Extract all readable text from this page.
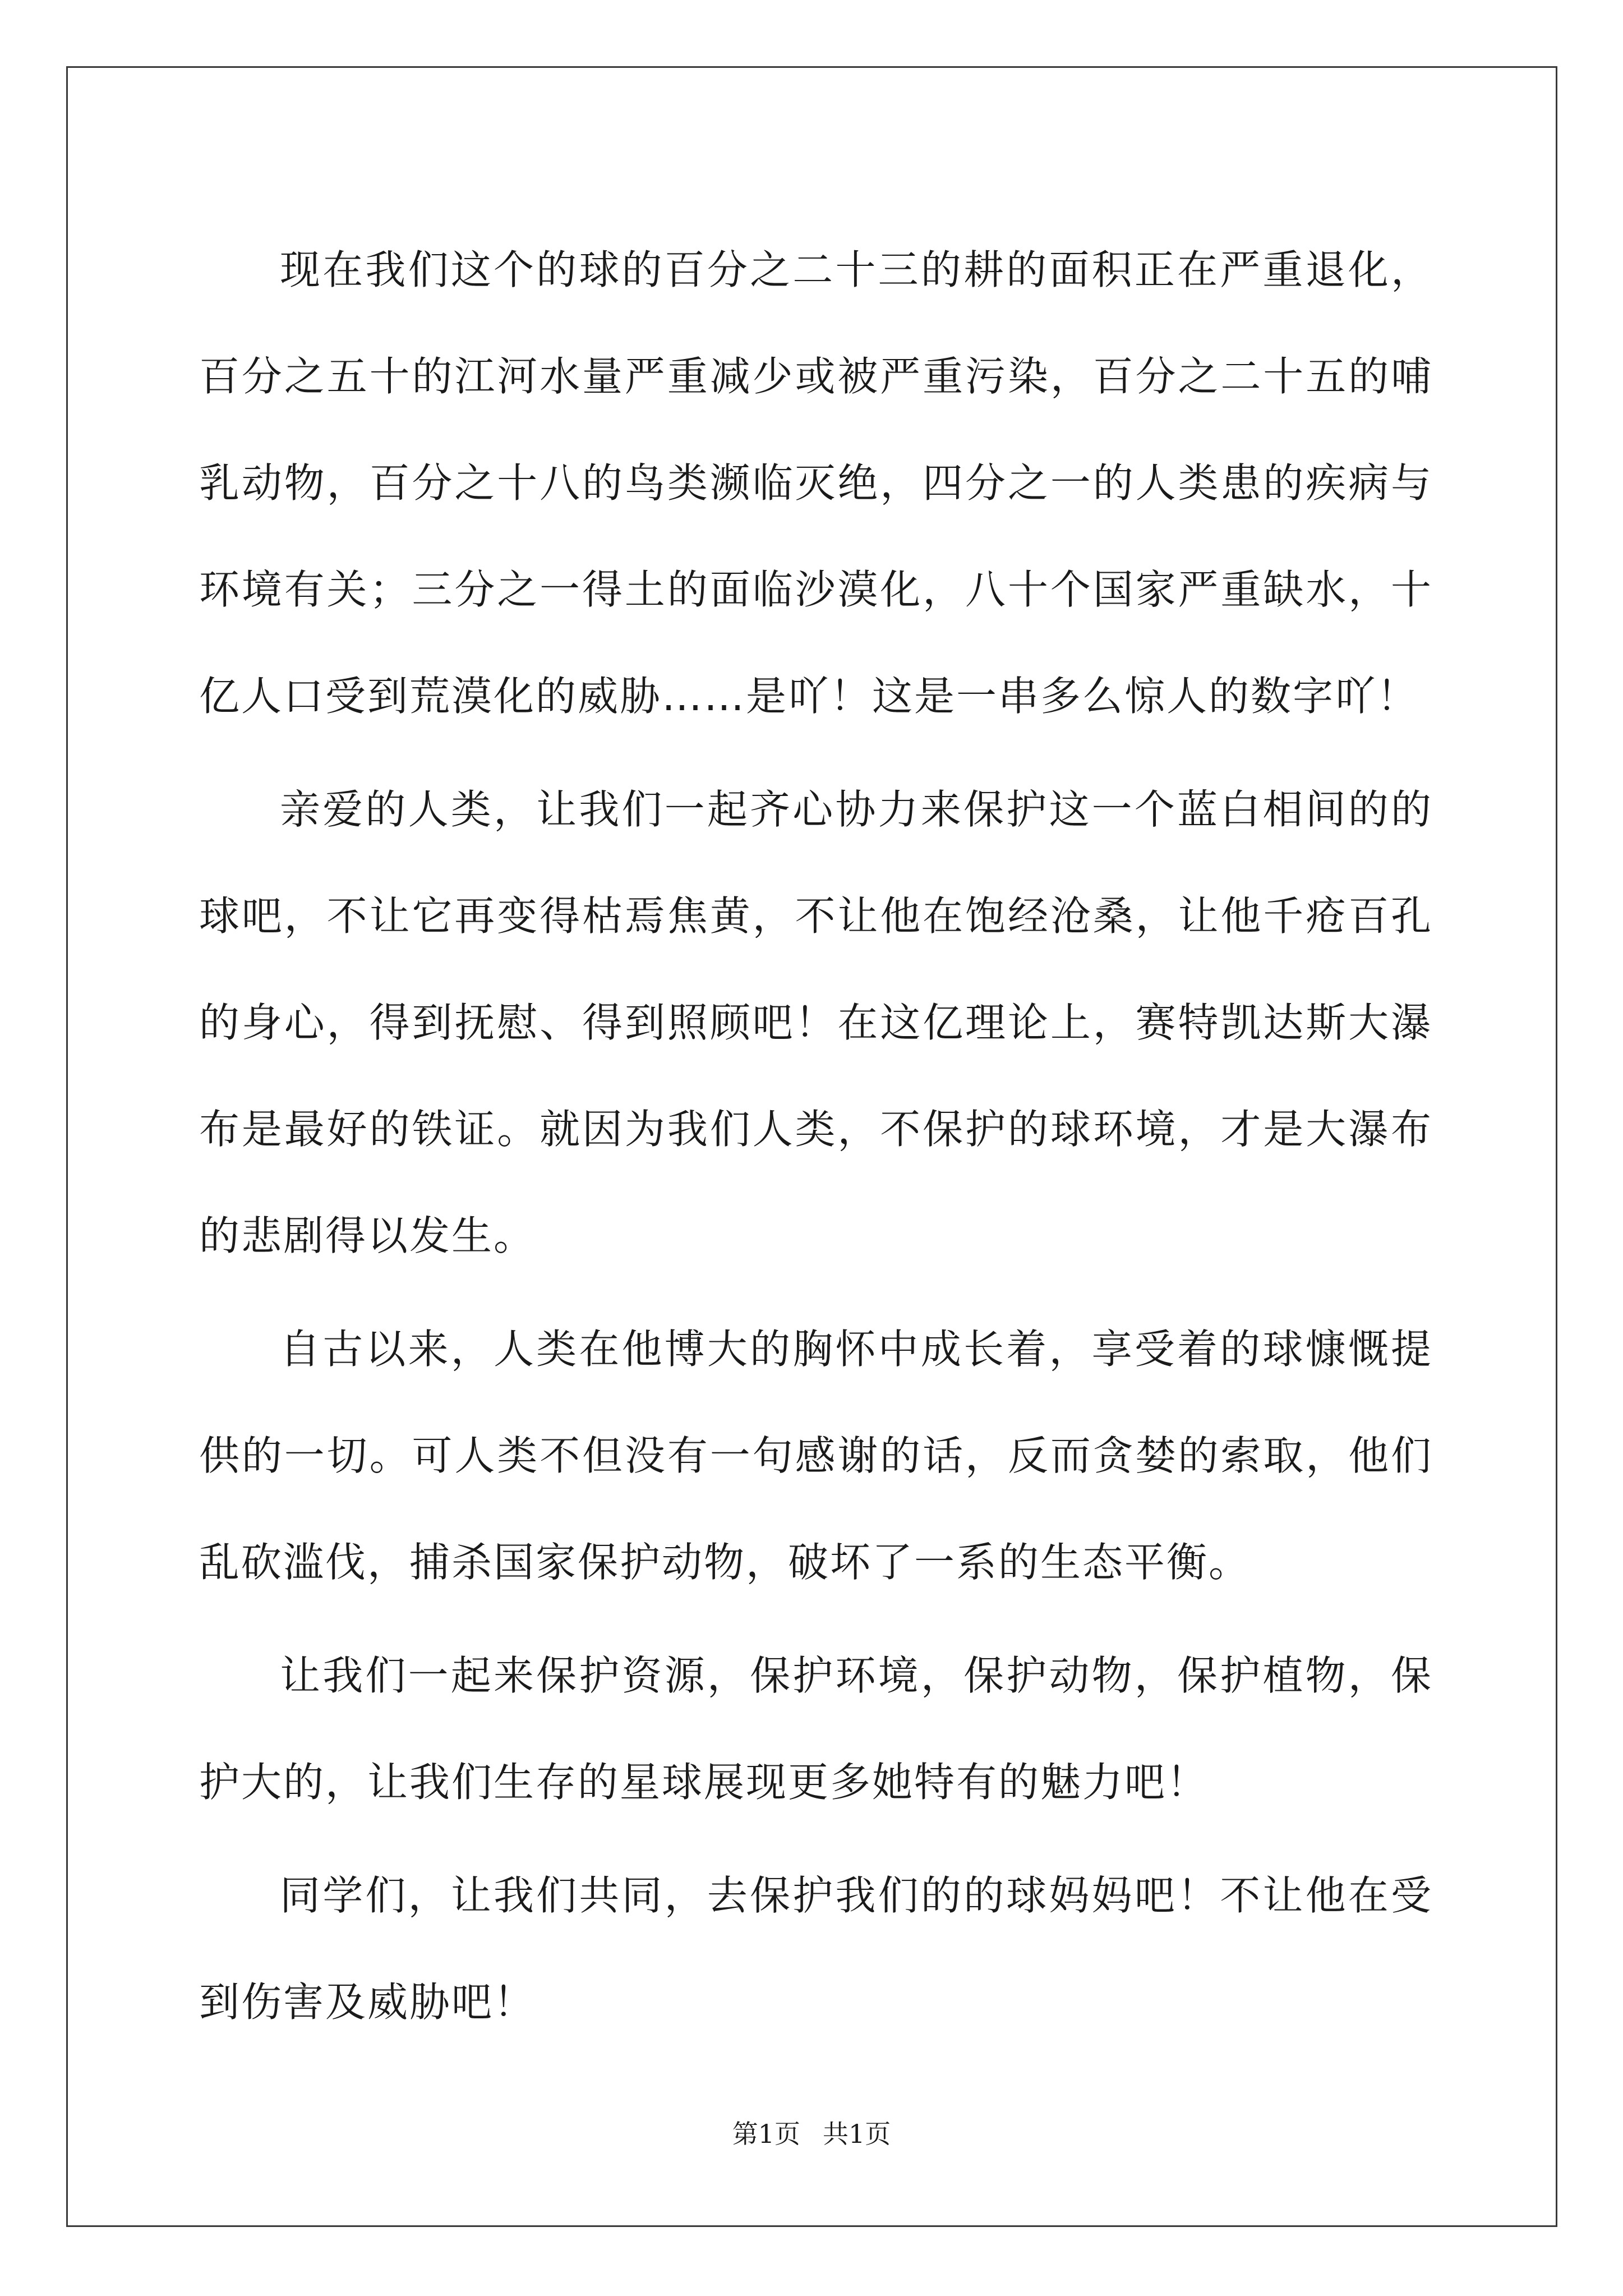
现在我们这个的球的百分之二十三的耕的面积正在严重退化，百分之五十的江河水量严重减少或被严重污染，百分之二十五的哺乳动物，百分之十八的鸟类濒临灭绝，四分之一的人类患的疾病与环境有关；三分之一得土的面临沙漠化，八十个国家严重缺水，十亿人口受到荒漠化的威胁……是吖！这是一串多么惊人的数字吖！

亲爱的人类，让我们一起齐心协力来保护这一个蓝白相间的的球吧，不让它再变得枯焉焦黄，不让他在饱经沧桑，让他千疮百孔的身心，得到抚慰、得到照顾吧！在这亿理论上，赛特凯达斯大瀑布是最好的铁证。就因为我们人类，不保护的球环境，才是大瀑布的悲剧得以发生。

自古以来，人类在他博大的胸怀中成长着，享受着的球慷慨提供的一切。可人类不但没有一句感谢的话，反而贪婪的索取，他们乱砍滥伐，捕杀国家保护动物，破坏了一系的生态平衡。

让我们一起来保护资源，保护环境，保护动物，保护植物，保护大的，让我们生存的星球展现更多她特有的魅力吧！

同学们，让我们共同，去保护我们的的球妈妈吧！不让他在受到伤害及威胁吧！

第1页 共1页
